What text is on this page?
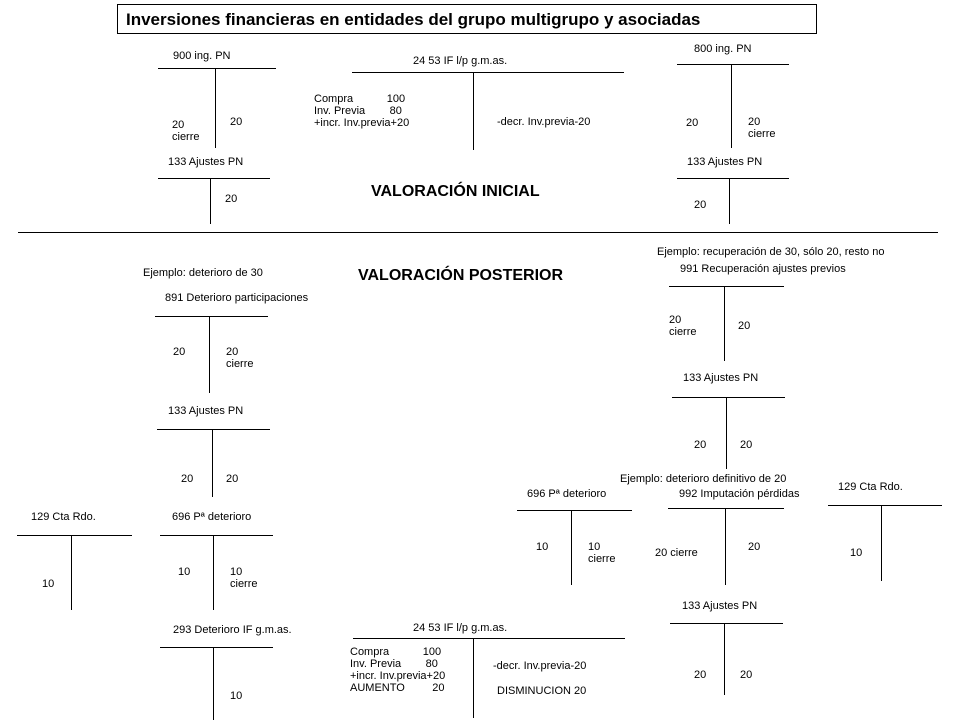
Inversiones financieras en entidades del grupo multigrupo y asociadas
VALORACIÓN INICIAL
VALORACIÓN POSTERIOR
Ejemplo: deterioro de 30
Ejemplo: recuperación de 30, sólo 20, resto no
Ejemplo: deterioro definitivo de 20
900 ing. PN
20
cierre
20
24 53 IF l/p g.m.as.
Compra           100
Inv. Previa        80
+incr. Inv.previa+20	-decr. Inv.previa-20
800 ing. PN
20	20
cierre
133 Ajustes PN
20
133 Ajustes PN
20
891 Deterioro participaciones
20	20
cierre
133 Ajustes PN
20	20
129 Cta Rdo.
10
696 Pª deterioro
10	10
cierre
293 Deterioro IF g.m.as.
10
24 53 IF l/p g.m.as.
Compra           100
Inv. Previa        80
+incr. Inv.previa+20
AUMENTO         20
-decr. Inv.previa-20
DISMINUCION 20
991 Recuperación ajustes previos
20
cierre	20
133 Ajustes PN
20	20
696 Pª deterioro
10	10
cierre
992 Imputación pérdidas
20 cierre	20
129 Cta Rdo.
10
133 Ajustes PN
20	20
